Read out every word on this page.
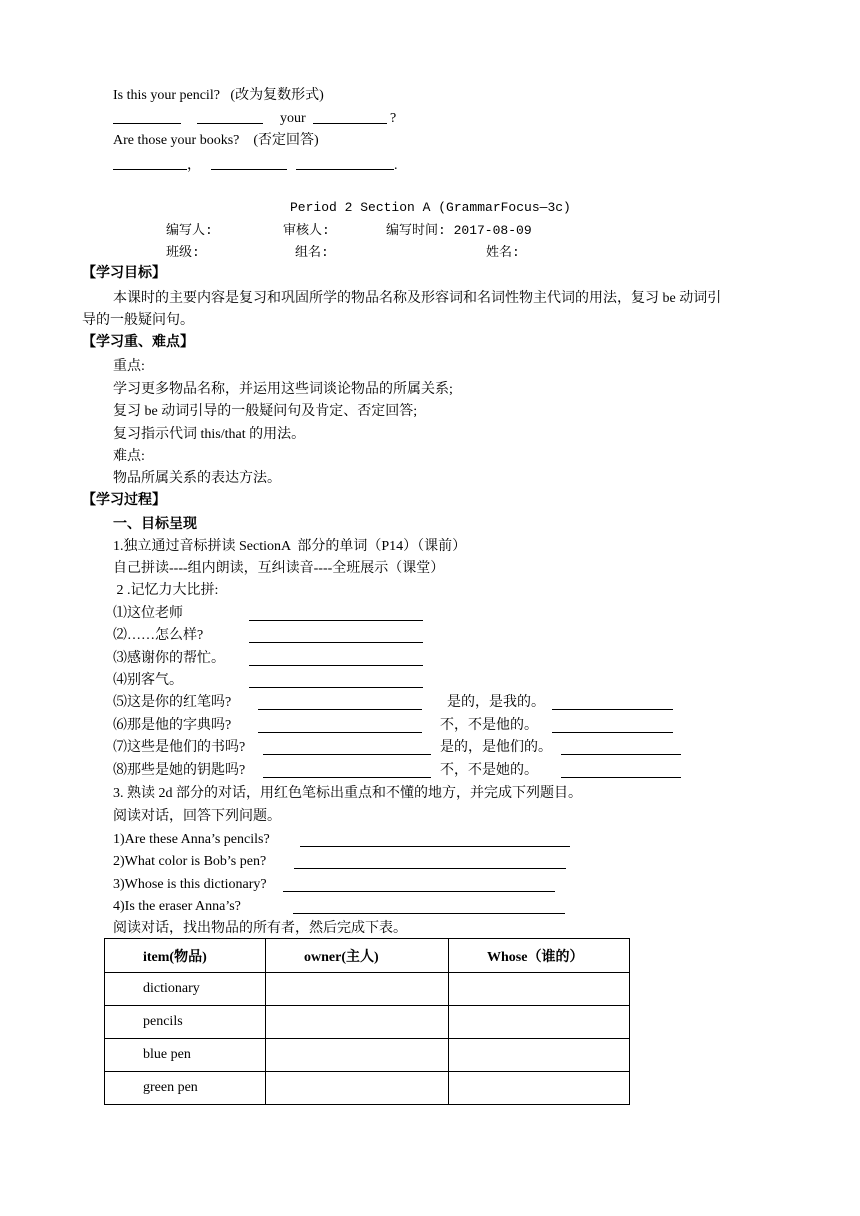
Is this your pencil?   (改为复数形式)
your	?
Are those your books?    (否定回答)
，	.
Period 2 Section A (GrammarFocus—3c)
编写人:	审核人:	编写时间: 2017-08-09
班级:	组名:	姓名:
【学习目标】
本课时的主要内容是复习和巩固所学的物品名称及形容词和名词性物主代词的用法，复习 be 动词引
导的一般疑问句。
【学习重、难点】
重点:
学习更多物品名称，并运用这些词谈论物品的所属关系;
复习 be 动词引导的一般疑问句及肯定、否定回答;
复习指示代词 this/that 的用法。
难点:
物品所属关系的表达方法。
【学习过程】
一、目标呈现
1.独立通过音标拼读 SectionA  部分的单词（P14）（课前）
自己拼读----组内朗读，互纠读音----全班展示（课堂）
2 .记忆力大比拼:
⑴这位老师
⑵……怎么样?
⑶感谢你的帮忙。
⑷别客气。
⑸这是你的红笔吗?	是的，是我的。
⑹那是他的字典吗?	不，不是他的。
⑺这些是他们的书吗?	是的，是他们的。
⑻那些是她的钥匙吗?	不，不是她的。
3. 熟读 2d 部分的对话，用红色笔标出重点和不懂的地方，并完成下列题目。
阅读对话，回答下列问题。
1)Are these Anna’s pencils?
2)What color is Bob’s pen?
3)Whose is this dictionary?
4)Is the eraser Anna’s?
阅读对话，找出物品的所有者，然后完成下表。
item(物品)	owner(主人)	Whose（谁的）
dictionary		
pencils		
blue pen		
green pen		
